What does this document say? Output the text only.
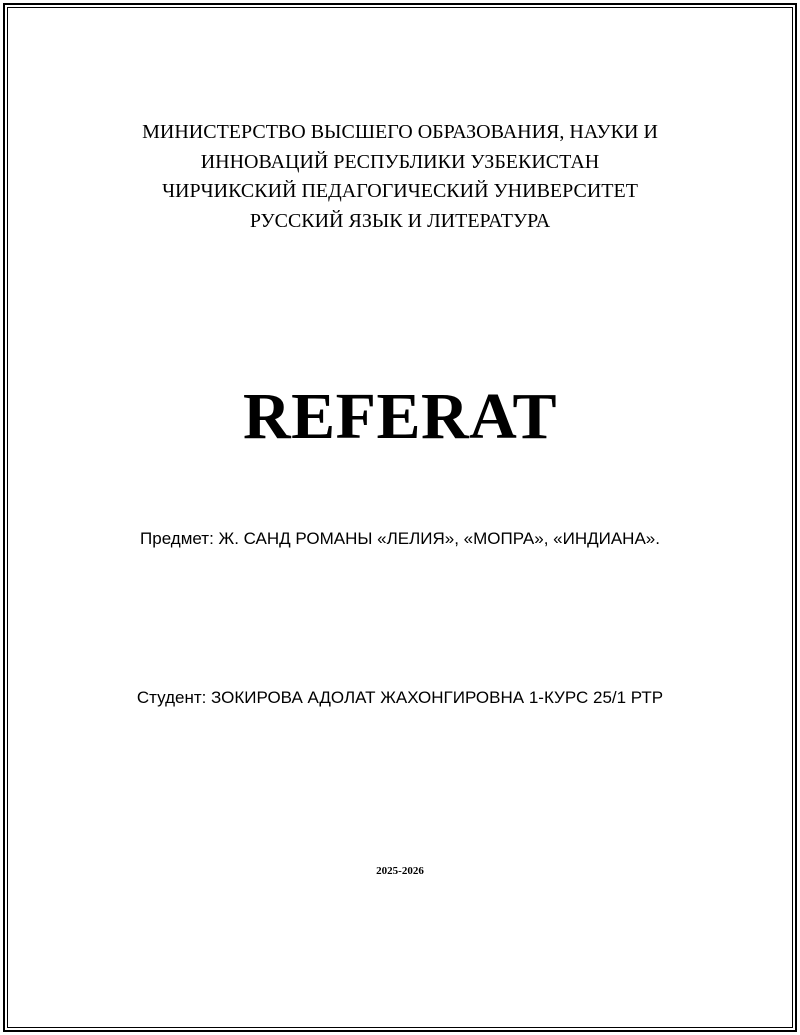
МИНИСТЕРСТВО ВЫСШЕГО ОБРАЗОВАНИЯ, НАУКИ И
ИННОВАЦИЙ РЕСПУБЛИКИ УЗБЕКИСТАН
ЧИРЧИКСКИЙ ПЕДАГОГИЧЕСКИЙ УНИВЕРСИТЕТ
РУССКИЙ ЯЗЫК И ЛИТЕРАТУРА
REFERAT
Предмет: Ж. САНД РОМАНЫ «ЛЕЛИЯ», «МОПРА», «ИНДИАНА».
Студент: ЗОКИРОВА АДОЛАТ ЖАХОНГИРОВНА 1-КУРС 25/1 РТР
2025-2026
